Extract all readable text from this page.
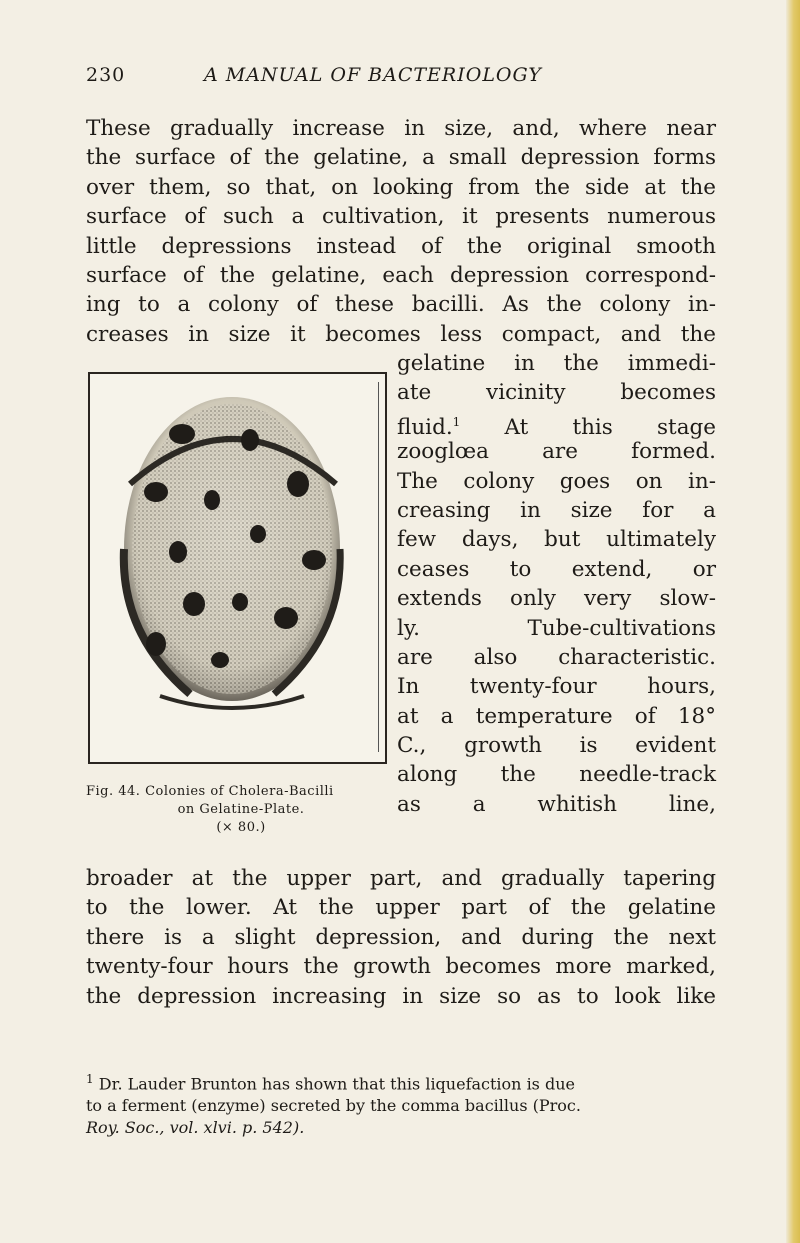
230	A MANUAL OF BACTERIOLOGY
These gradually increase in size, and, where near
the surface of the gelatine, a small depression forms
over them, so that, on looking from the side at the
surface of such a cultivation, it presents numerous
little depressions instead of the original smooth
surface of the gelatine, each depression correspond-
ing to a colony of these bacilli. As the colony in-
creases in size it becomes less compact, and the
gelatine in the immedi-
ate vicinity becomes
fluid.$^1$ At this stage
zooglœa are formed.
The colony goes on in-
creasing in size for a
few days, but ultimately
ceases to extend, or
extends only very slow-
ly. Tube-cultivations
are also characteristic.
In twenty-four hours,
at a temperature of 18°
C., growth is evident
along the needle-track
as a whitish line,
Fig. 44. Colonies of Cholera-Bacilli
on Gelatine-Plate.
(× 80.)
broader at the upper part, and gradually tapering
to the lower. At the upper part of the gelatine
there is a slight depression, and during the next
twenty-four hours the growth becomes more marked,
the depression increasing in size so as to look like
$^1$ Dr. Lauder Brunton has shown that this liquefaction is due
to a ferment (enzyme) secreted by the comma bacillus (Proc.
Roy. Soc., vol. xlvi. p. 542).
